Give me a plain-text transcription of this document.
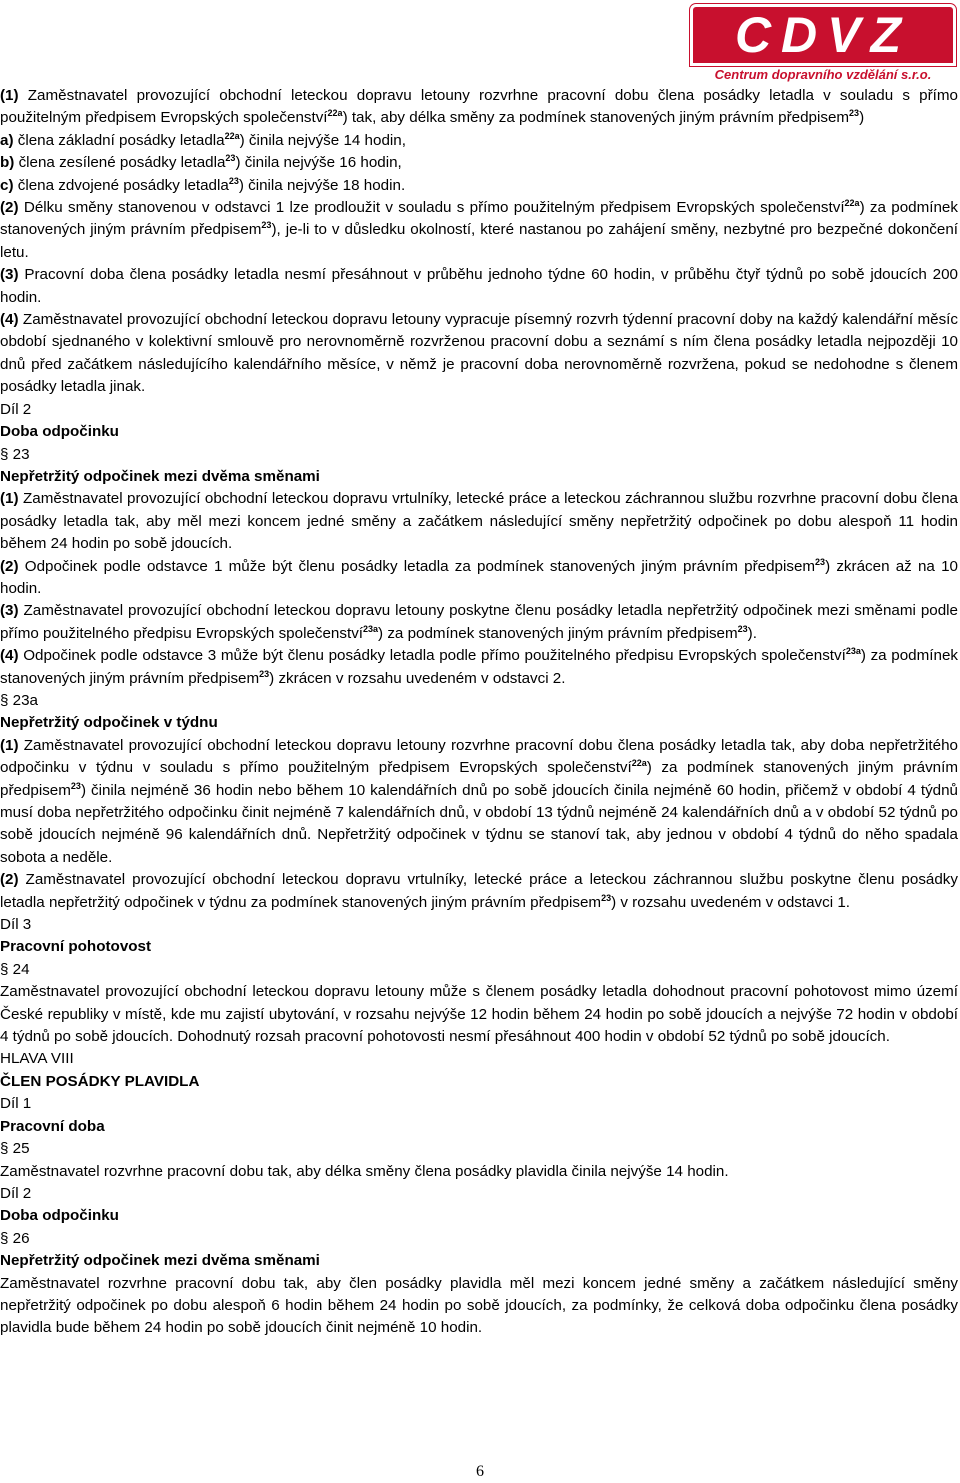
CDVZ
Centrum dopravního vzdělání s.r.o.

(1) Zaměstnavatel provozující obchodní leteckou dopravu letouny rozvrhne pracovní dobu člena posádky letadla v souladu s přímo použitelným předpisem Evropských společenství$^{22a}$) tak, aby délka směny za podmínek stanovených jiným právním předpisem$^{23}$)

a) člena základní posádky letadla$^{22a}$) činila nejvýše 14 hodin,

b) člena zesílené posádky letadla$^{23}$) činila nejvýše 16 hodin,

c) člena zdvojené posádky letadla$^{23}$) činila nejvýše 18 hodin.

(2) Délku směny stanovenou v odstavci 1 lze prodloužit v souladu s přímo použitelným předpisem Evropských společenství$^{22a}$) za podmínek stanovených jiným právním předpisem$^{23}$), je-li to v důsledku okolností, které nastanou po zahájení směny, nezbytné pro bezpečné dokončení letu.

(3) Pracovní doba člena posádky letadla nesmí přesáhnout v průběhu jednoho týdne 60 hodin, v průběhu čtyř týdnů po sobě jdoucích 200 hodin.

(4) Zaměstnavatel provozující obchodní leteckou dopravu letouny vypracuje písemný rozvrh týdenní pracovní doby na každý kalendářní měsíc období sjednaného v kolektivní smlouvě pro nerovnoměrně rozvrženou pracovní dobu a seznámí s ním člena posádky letadla nejpozději 10 dnů před začátkem následujícího kalendářního měsíce, v němž je pracovní doba nerovnoměrně rozvržena, pokud se nedohodne s členem posádky letadla jinak.

Díl 2

Doba odpočinku

§ 23

Nepřetržitý odpočinek mezi dvěma směnami

(1) Zaměstnavatel provozující obchodní leteckou dopravu vrtulníky, letecké práce a leteckou záchrannou službu rozvrhne pracovní dobu člena posádky letadla tak, aby měl mezi koncem jedné směny a začátkem následující směny nepřetržitý odpočinek po dobu alespoň 11 hodin během 24 hodin po sobě jdoucích.

(2) Odpočinek podle odstavce 1 může být členu posádky letadla za podmínek stanovených jiným právním předpisem$^{23}$) zkrácen až na 10 hodin.

(3) Zaměstnavatel provozující obchodní leteckou dopravu letouny poskytne členu posádky letadla nepřetržitý odpočinek mezi směnami podle přímo použitelného předpisu Evropských společenství$^{23a}$) za podmínek stanovených jiným právním předpisem$^{23}$).

(4) Odpočinek podle odstavce 3 může být členu posádky letadla podle přímo použitelného předpisu Evropských společenství$^{23a}$) za podmínek stanovených jiným právním předpisem$^{23}$) zkrácen v rozsahu uvedeném v odstavci 2.

§ 23a

Nepřetržitý odpočinek v týdnu

(1) Zaměstnavatel provozující obchodní leteckou dopravu letouny rozvrhne pracovní dobu člena posádky letadla tak, aby doba nepřetržitého odpočinku v týdnu v souladu s přímo použitelným předpisem Evropských společenství$^{22a}$) za podmínek stanovených jiným právním předpisem$^{23}$) činila nejméně 36 hodin nebo během 10 kalendářních dnů po sobě jdoucích činila nejméně 60 hodin, přičemž v období 4 týdnů musí doba nepřetržitého odpočinku činit nejméně 7 kalendářních dnů, v období 13 týdnů nejméně 24 kalendářních dnů a v období 52 týdnů po sobě jdoucích nejméně 96 kalendářních dnů. Nepřetržitý odpočinek v týdnu se stanoví tak, aby jednou v období 4 týdnů do něho spadala sobota a neděle.

(2) Zaměstnavatel provozující obchodní leteckou dopravu vrtulníky, letecké práce a leteckou záchrannou službu poskytne členu posádky letadla nepřetržitý odpočinek v týdnu za podmínek stanovených jiným právním předpisem$^{23}$) v rozsahu uvedeném v odstavci 1.

Díl 3

Pracovní pohotovost

§ 24

Zaměstnavatel provozující obchodní leteckou dopravu letouny může s členem posádky letadla dohodnout pracovní pohotovost mimo území České republiky v místě, kde mu zajistí ubytování, v rozsahu nejvýše 12 hodin během 24 hodin po sobě jdoucích a nejvýše 72 hodin v období 4 týdnů po sobě jdoucích. Dohodnutý rozsah pracovní pohotovosti nesmí přesáhnout 400 hodin v období 52 týdnů po sobě jdoucích.

HLAVA VIII

ČLEN POSÁDKY PLAVIDLA

Díl 1

Pracovní doba

§ 25

Zaměstnavatel rozvrhne pracovní dobu tak, aby délka směny člena posádky plavidla činila nejvýše 14 hodin.

Díl 2

Doba odpočinku

§ 26

Nepřetržitý odpočinek mezi dvěma směnami

Zaměstnavatel rozvrhne pracovní dobu tak, aby člen posádky plavidla měl mezi koncem jedné směny a začátkem následující směny nepřetržitý odpočinek po dobu alespoň 6 hodin během 24 hodin po sobě jdoucích, za podmínky, že celková doba odpočinku člena posádky plavidla bude během 24 hodin po sobě jdoucích činit nejméně 10 hodin.

6
